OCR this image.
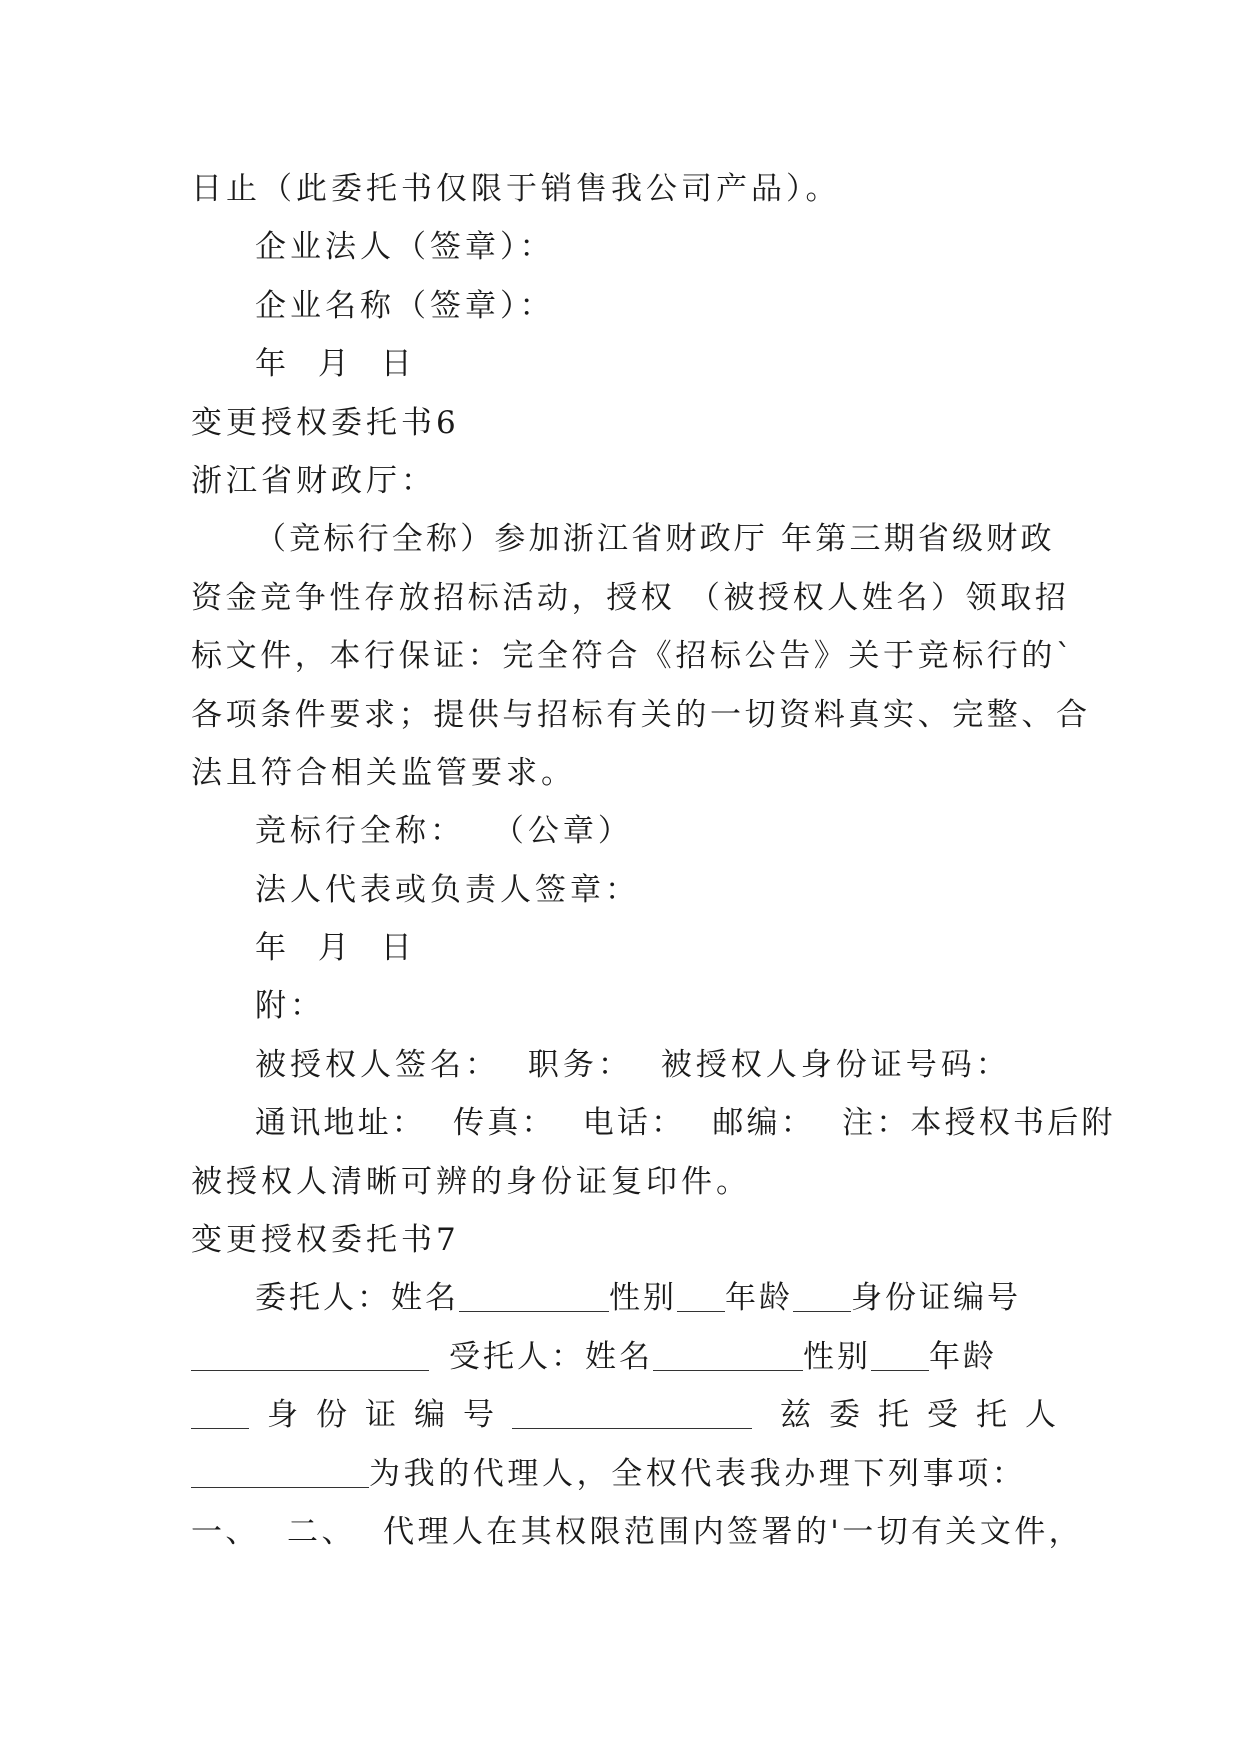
日止（此委托书仅限于销售我公司产品）。
企业法人（签章）：
企业名称（签章）：
年 月 日
变更授权委托书6
浙江省财政厅：
（竞标行全称）参加浙江省财政厅 年第三期省级财政
资金竞争性存放招标活动，授权 （被授权人姓名）领取招
标文件，本行保证：完全符合《招标公告》关于竞标行的`
各项条件要求；提供与招标有关的一切资料真实、完整、合
法且符合相关监管要求。
竞标行全称： （公章）
法人代表或负责人签章：
年 月 日
附：
被授权人签名： 职务： 被授权人身份证号码：
通讯地址： 传真： 电话： 邮编： 注：本授权书后附
被授权人清晰可辨的身份证复印件。
变更授权委托书7
委托人：姓名	性别 年龄 身份证编号
受托人：姓名	性别 年龄
身份证编号	兹委托受托人
为我的代理人，全权代表我办理下列事项：
一、 二、 代理人在其权限范围内签署的'一切有关文件，
